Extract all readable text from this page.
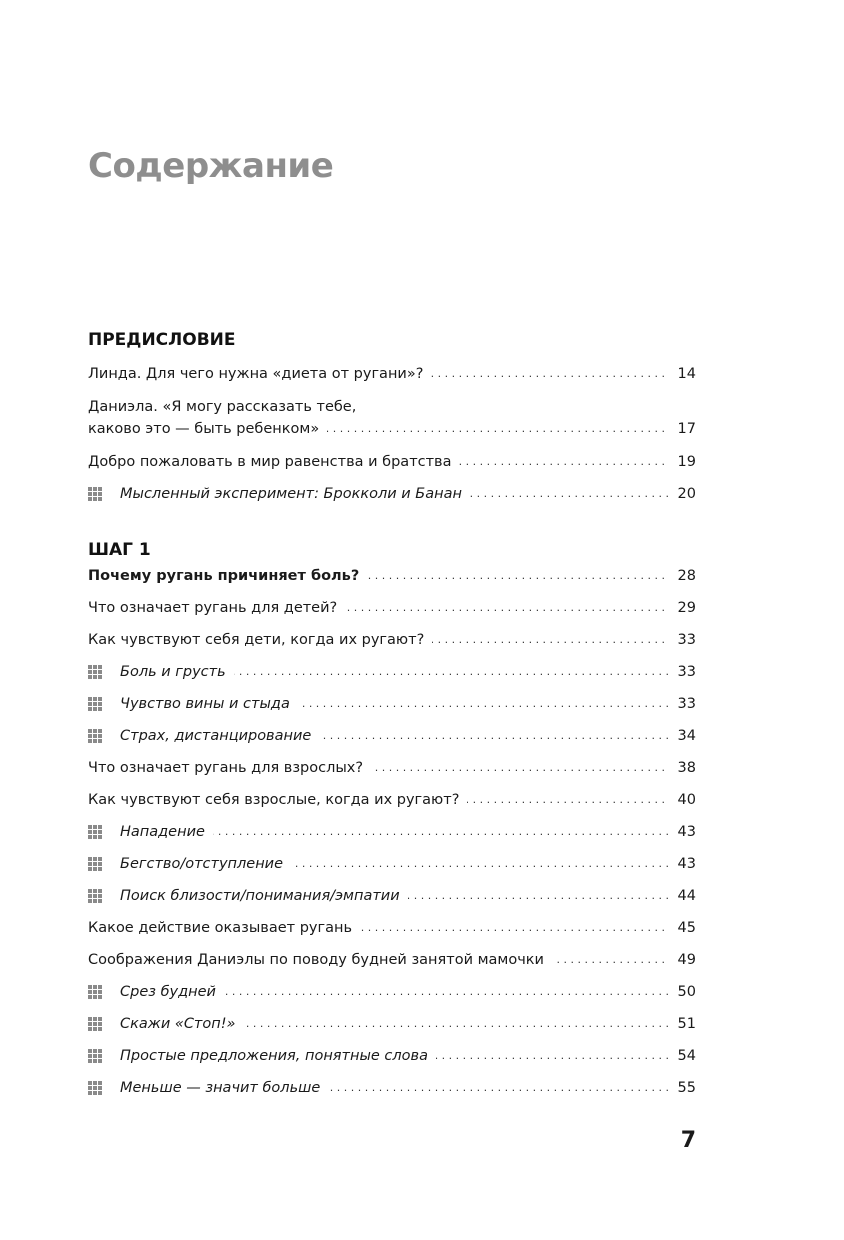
Содержание
ПРЕДИСЛОВИЕ
. . .
Линда. Для чего нужна «диета от ругани»?	14
Даниэла. «Я могу рассказать тебе,
. . .
каково это — быть ребенком»	17
. . .
Добро пожаловать в мир равенства и братства	19
. . .
Мысленный эксперимент: Брокколи и Банан	20
ШАГ 1
. . .
Почему ругань причиняет боль?	28
. . .
Что означает ругань для детей?	29
. . .
Как чувствуют себя дети, когда их ругают?	33
. . .
Боль и грусть	33
. . .
Чувство вины и стыда	33
. . .
Страх, дистанцирование	34
. . .
Что означает ругань для взрослых?	38
. . .
Как чувствуют себя взрослые, когда их ругают?	40
. . .
Нападение	43
. . .
Бегство/отступление	43
. . .
Поиск близости/понимания/эмпатии	44
. . .
Какое действие оказывает ругань	45
. . .
Соображения Даниэлы по поводу будней занятой мамочки	49
. . .
Срез будней	50
. . .
Скажи «Стоп!»	51
. . .
Простые предложения, понятные слова	54
. . .
Меньше — значит больше	55
7
